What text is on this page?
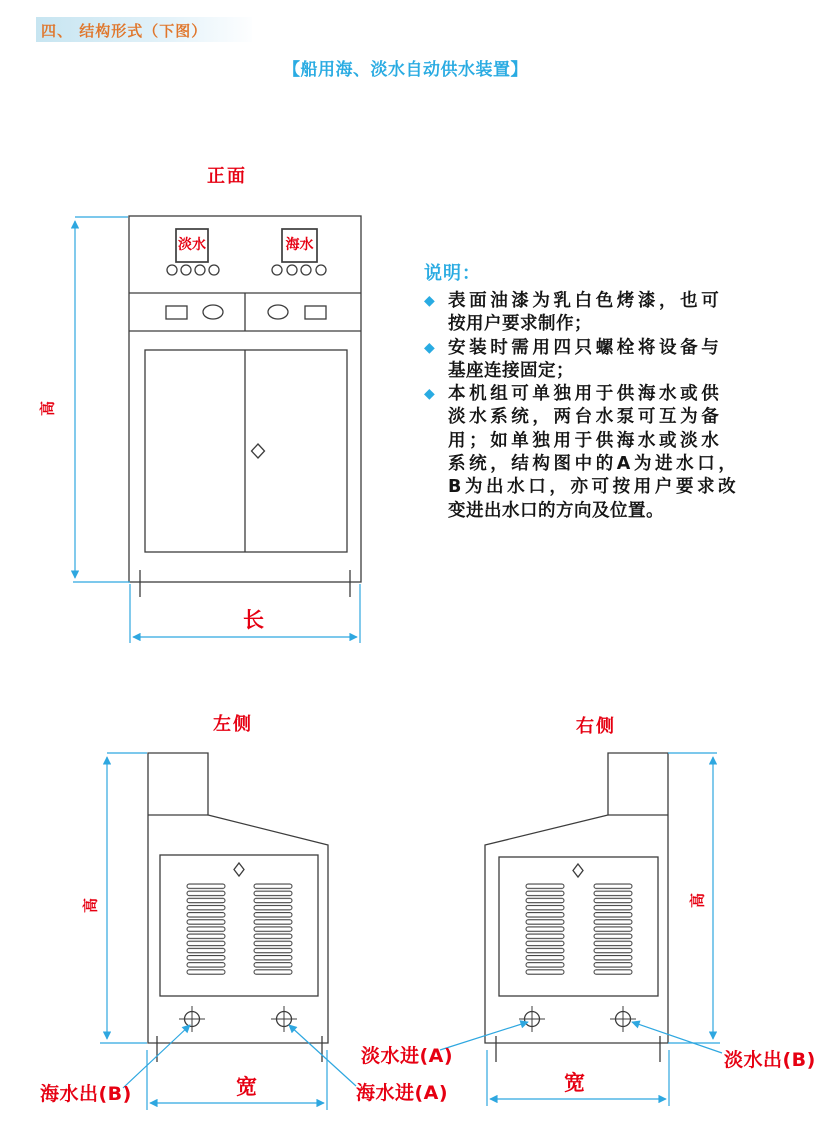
四、 结构形式（下图）
【船用海、淡水自动供水装置】
说明：
◆ 表面油漆为乳白色烤漆，也可
按用户要求制作；
◆ 安装时需用四只螺栓将设备与
基座连接固定；
◆ 本机组可单独用于供海水或供
淡水系统，两台水泵可互为备
用；如单独用于供海水或淡水
系统，结构图中的A为进水口，
B为出水口，亦可按用户要求改
变进出水口的方向及位置。
正面
淡水	海水
高
长
左侧
高
宽
海水出(B)	海水进(A)
右侧
高
宽
淡水进(A)	淡水出(B)
